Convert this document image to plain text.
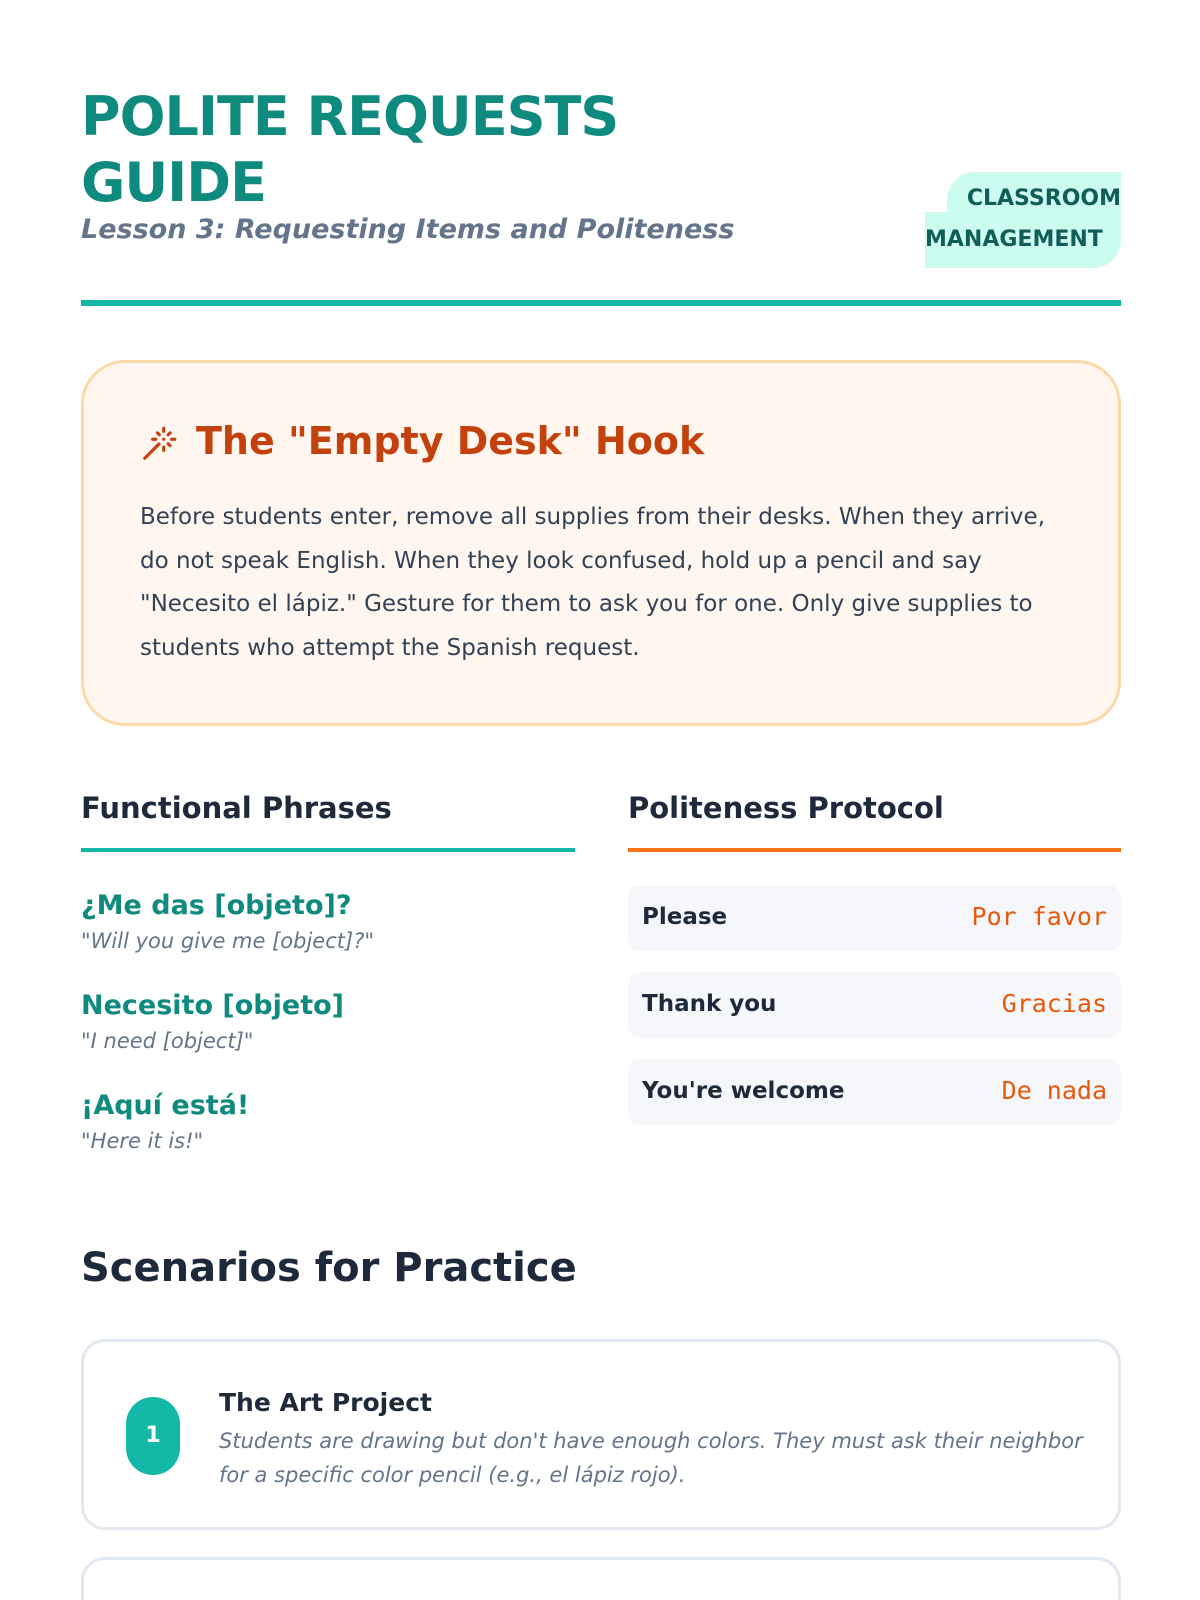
POLITE REQUESTS GUIDE
Lesson 3: Requesting Items and Politeness
CLASSROOM
MANAGEMENT
The "Empty Desk" Hook
Before students enter, remove all supplies from their desks. When they arrive, do not speak English. When they look confused, hold up a pencil and say "Necesito el lápiz." Gesture for them to ask you for one. Only give supplies to students who attempt the Spanish request.
Functional Phrases
¿Me das [objeto]?
"Will you give me [object]?"
Necesito [objeto]
"I need [object]"
¡Aquí está!
"Here it is!"
Politeness Protocol
Please	Por favor
Thank you	Gracias
You're welcome	De nada
Scenarios for Practice
1
The Art Project
Students are drawing but don't have enough colors. They must ask their neighbor for a specific color pencil (e.g., el lápiz rojo).
